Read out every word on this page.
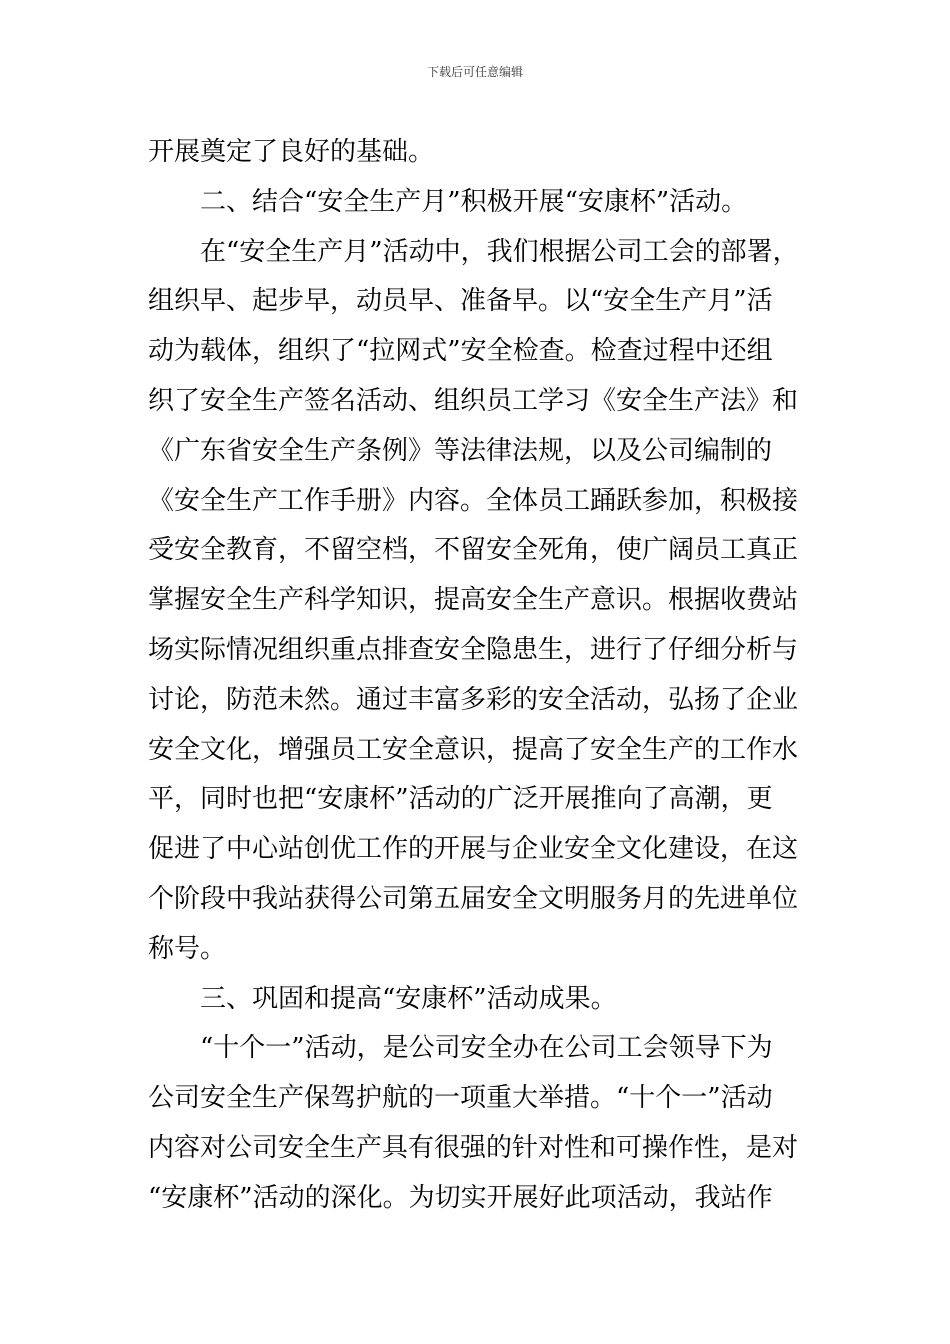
下载后可任意编辑
开展奠定了良好的基础。
二、结合“安全生产月”积极开展“安康杯”活动。
在“安全生产月”活动中，我们根据公司工会的部署，
组织早、起步早，动员早、准备早。以“安全生产月”活
动为载体，组织了“拉网式”安全检查。检查过程中还组
织了安全生产签名活动、组织员工学习《安全生产法》和
《广东省安全生产条例》等法律法规，以及公司编制的
《安全生产工作手册》内容。全体员工踊跃参加，积极接
受安全教育，不留空档，不留安全死角，使广阔员工真正
掌握安全生产科学知识，提高安全生产意识。根据收费站
场实际情况组织重点排查安全隐患生，进行了仔细分析与
讨论，防范未然。通过丰富多彩的安全活动，弘扬了企业
安全文化，增强员工安全意识，提高了安全生产的工作水
平，同时也把“安康杯”活动的广泛开展推向了高潮，更
促进了中心站创优工作的开展与企业安全文化建设，在这
个阶段中我站获得公司第五届安全文明服务月的先进单位
称号。
三、巩固和提高“安康杯”活动成果。
“十个一”活动，是公司安全办在公司工会领导下为
公司安全生产保驾护航的一项重大举措。“十个一”活动
内容对公司安全生产具有很强的针对性和可操作性，是对
“安康杯”活动的深化。为切实开展好此项活动，我站作
